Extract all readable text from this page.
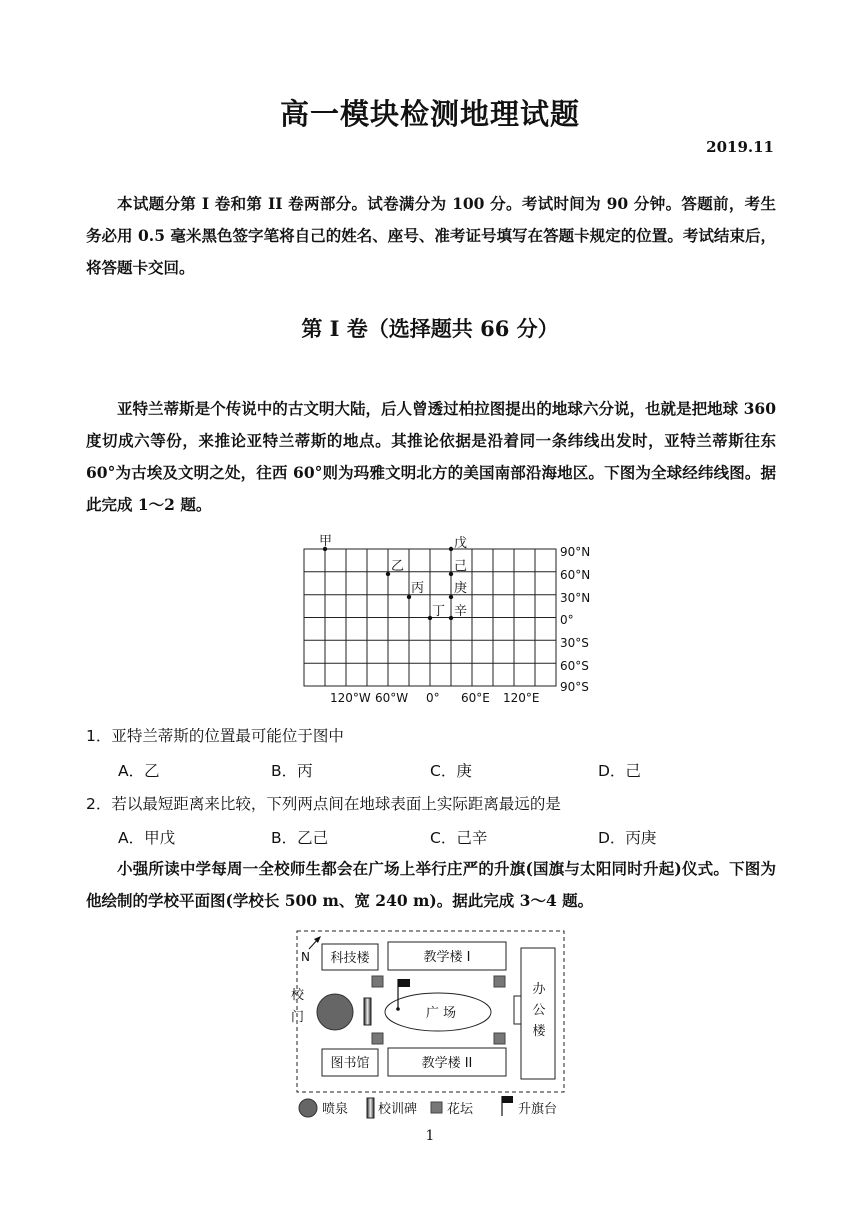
高一模块检测地理试题
2019.11

本试题分第 I 卷和第 II 卷两部分。试卷满分为 100 分。考试时间为 90 分钟。答题前，考生务必用 0.5 毫米黑色签字笔将自己的姓名、座号、准考证号填写在答题卡规定的位置。考试结束后，将答题卡交回。

第 I 卷（选择题共 66 分）

亚特兰蒂斯是个传说中的古文明大陆，后人曾透过柏拉图提出的地球六分说，也就是把地球 360 度切成六等份，来推论亚特兰蒂斯的地点。其推论依据是沿着同一条纬线出发时，亚特兰蒂斯往东 60°为古埃及文明之处，往西 60°则为玛雅文明北方的美国南部沿海地区。下图为全球经纬线图。据此完成 1～2 题。

甲	戊
乙	己
丙 庚
丁 辛
90°N
60°N
30°N
0°
30°S
60°S
90°S
120°W 60°W 0° 60°E 120°E
1．亚特兰蒂斯的位置最可能位于图中
A．乙	B．丙	C．庚	D．己
2．若以最短距离来比较，下列两点间在地球表面上实际距离最远的是
A．甲戊	B．乙己	C．己辛	D．丙庚

小强所读中学每周一全校师生都会在广场上举行庄严的升旗(国旗与太阳同时升起)仪式。下图为他绘制的学校平面图(学校长 500 m、宽 240 m)。据此完成 3～4 题。

N 科技楼	教学楼 I
教学楼 II
图书馆
办
公
楼
广 场
校
门
喷泉 校训碑 花坛	升旗台
1
